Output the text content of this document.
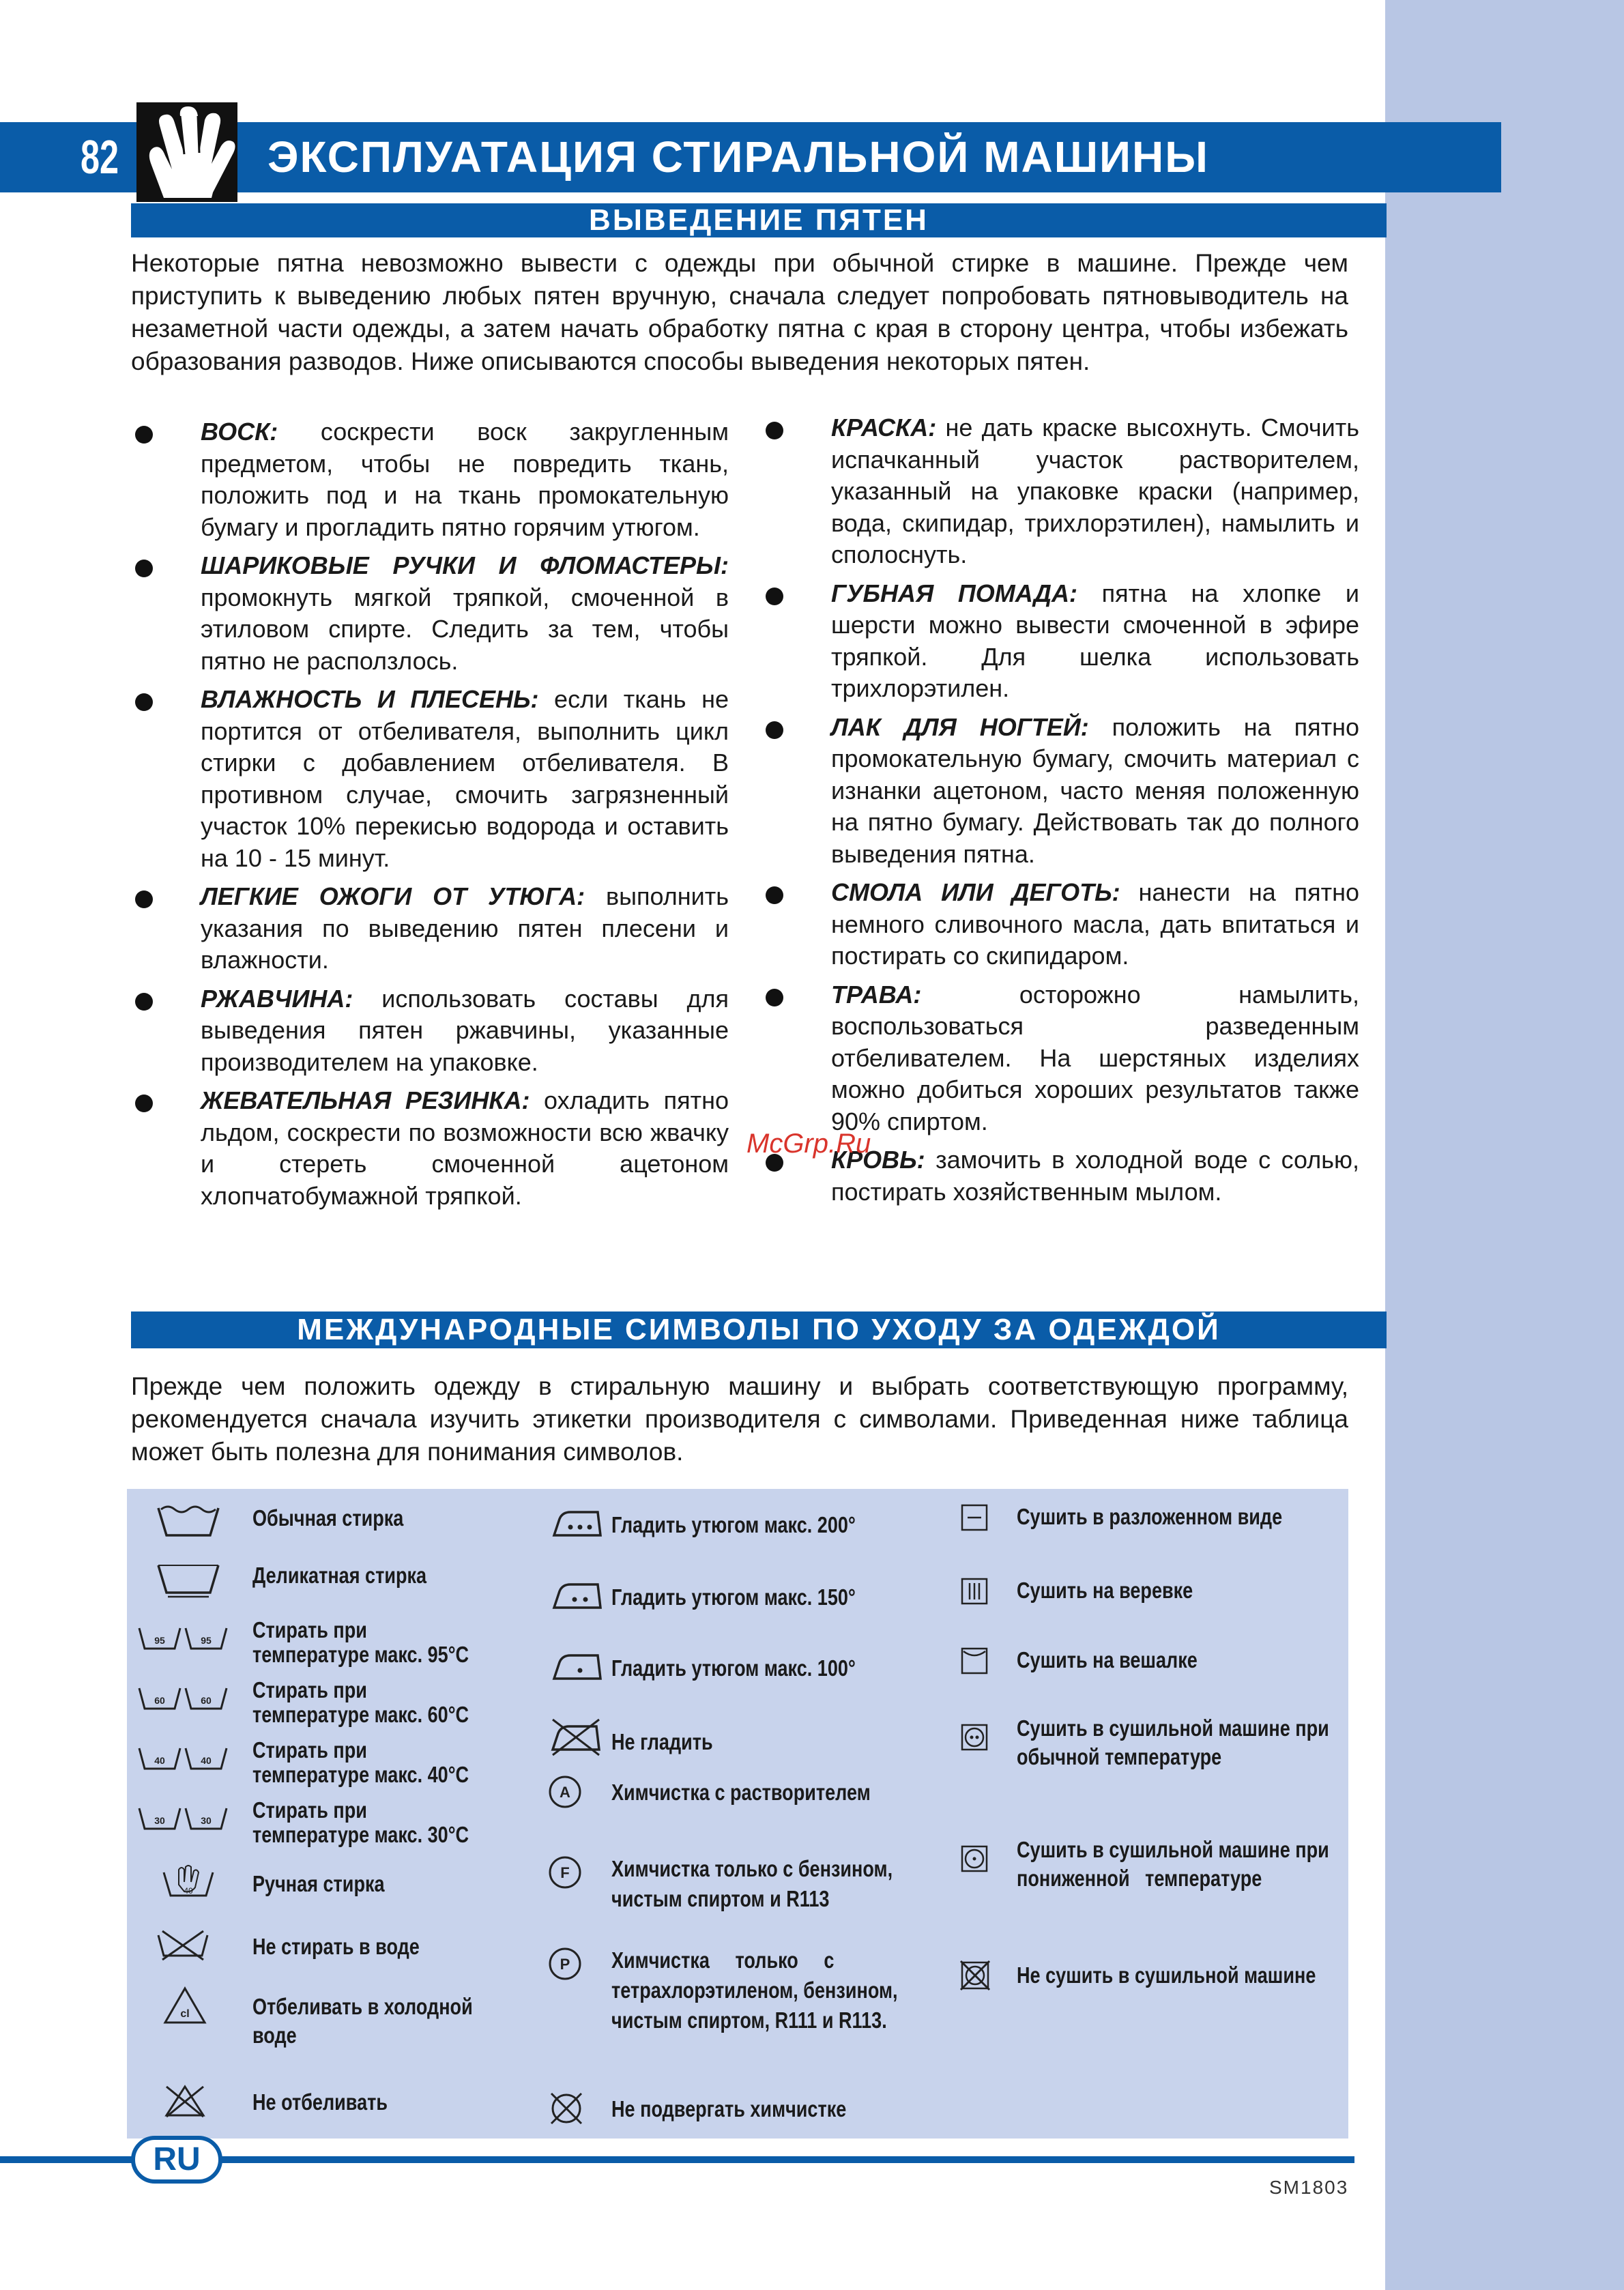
82	ЭКСПЛУАТАЦИЯ СТИРАЛЬНОЙ МАШИНЫ
ВЫВЕДЕНИЕ ПЯТЕН
Некоторые пятна невозможно вывести с одежды при обычной стирке в машине. Прежде чем приступить к выведению любых пятен вручную, сначала следует попробовать пятновыводитель на незаметной части одежды, а затем начать обработку пятна с края в сторону центра, чтобы избежать образования разводов. Ниже описываются способы выведения некоторых пятен.
ВОСК: соскрести воск закругленным предметом, чтобы не повредить ткань, положить под и на ткань промокательную бумагу и прогладить пятно горячим утюгом.
ШАРИКОВЫЕ РУЧКИ И ФЛОМАСТЕРЫ: промокнуть мягкой тряпкой, смоченной в этиловом спирте. Следить за тем, чтобы пятно не расползлось.
ВЛАЖНОСТЬ И ПЛЕСЕНЬ: если ткань не портится от отбеливателя, выполнить цикл стирки с добавлением отбеливателя. В противном случае, смочить загрязненный участок 10% перекисью водорода и оставить на 10 - 15 минут.
ЛЕГКИЕ ОЖОГИ ОТ УТЮГА: выполнить указания по выведению пятен плесени и влажности.
РЖАВЧИНА: использовать составы для выведения пятен ржавчины, указанные производителем на упаковке.
ЖЕВАТЕЛЬНАЯ РЕЗИНКА: охладить пятно льдом, соскрести по возможности всю жвачку и стереть смоченной ацетоном хлопчатобумажной тряпкой.
КРАСКА: не дать краске высохнуть. Смочить испачканный участок растворителем, указанный на упаковке краски (например, вода, скипидар, трихлорэтилен), намылить и сполоснуть.
ГУБНАЯ ПОМАДА: пятна на хлопке и шерсти можно вывести смоченной в эфире тряпкой. Для шелка использовать трихлорэтилен.
ЛАК ДЛЯ НОГТЕЙ: положить на пятно промокательную бумагу, смочить материал с изнанки ацетоном, часто меняя положенную на пятно бумагу. Действовать так до полного выведения пятна.
СМОЛА ИЛИ ДЕГОТЬ: нанести на пятно немного сливочного масла, дать впитаться и постирать со скипидаром.
ТРАВА: осторожно намылить, воспользоваться разведенным отбеливателем. На шерстяных изделиях можно добиться хороших результатов также 90% спиртом.
КРОВЬ: замочить в холодной воде с солью, постирать хозяйственным мылом.
McGrp.Ru
МЕЖДУНАРОДНЫЕ СИМВОЛЫ ПО УХОДУ ЗА ОДЕЖДОЙ
Прежде чем положить одежду в стиральную машину и выбрать соответствующую программу, рекомендуется сначала изучить этикетки производителя с символами. Приведенная ниже таблица может быть полезна для понимания символов.
Обычная стирка
Деликатная стирка
95	95 Стирать при
температуре макс. 95°С
60	60 Стирать при
температуре макс. 60°С
40	40 Стирать при
температуре макс. 40°С
30	30 Стирать при
температуре макс. 30°С
40	Ручная стирка
Не стирать в воде
cl	Отбеливать в холодной
воде
Не отбеливать
Гладить утюгом макс. 200°
Гладить утюгом макс. 150°
Гладить утюгом макс. 100°
Не гладить
A Химчистка с растворителем
F Химчистка только с бензином,
чистым спиртом и R113
P Химчистка     только     с
тетрахлорэтиленом, бензином,
чистым спиртом, R111 и R113.
Не подвергать химчистке
Сушить в разложенном виде
Сушить на веревке
Сушить на вешалке
Сушить в сушильной машине при
обычной температуре
Сушить в сушильной машине при
пониженной   температуре
Не сушить в сушильной машине
RU
SM1803
